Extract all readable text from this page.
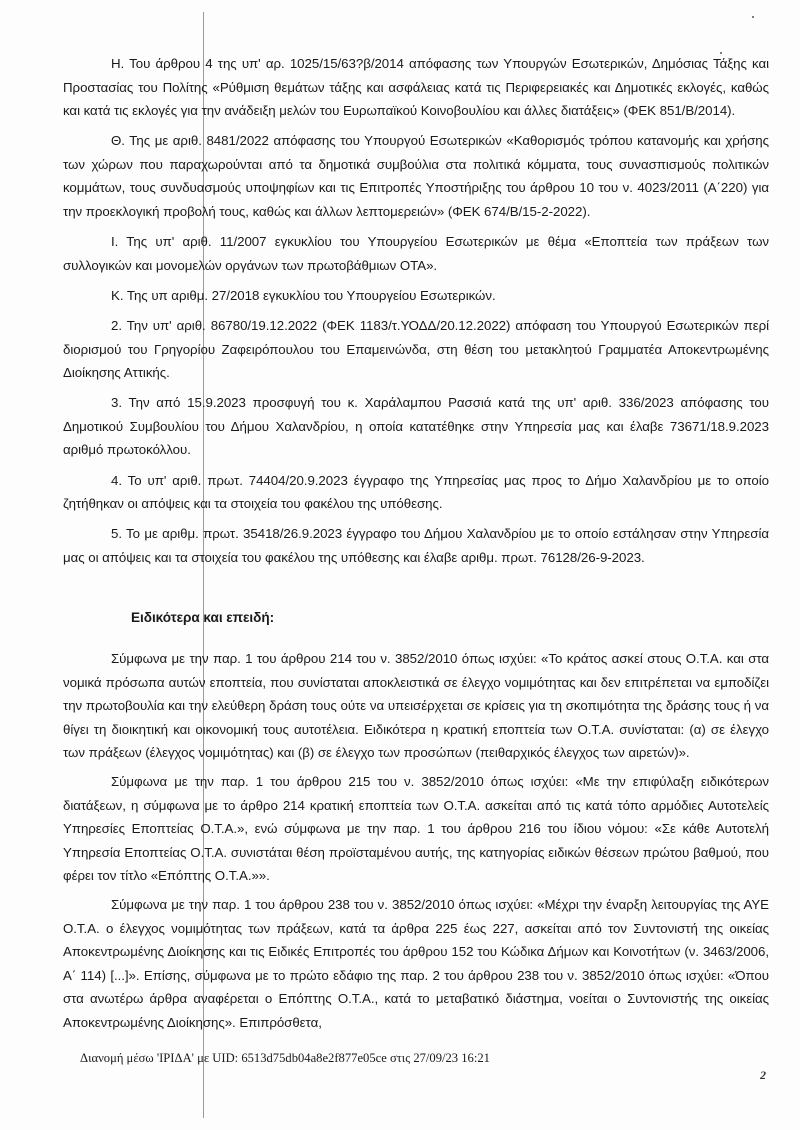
Η. Του άρθρου 4 της υπ' αρ. 1025/15/63?β/2014 απόφασης των Υπουργών Εσωτερικών, Δημόσιας Τάξης και Προστασίας του Πολίτης «Ρύθμιση θεμάτων τάξης και ασφάλειας κατά τις Περιφερειακές και Δημοτικές εκλογές, καθώς και κατά τις εκλογές για την ανάδειξη μελών του Ευρωπαϊκού Κοινοβουλίου και άλλες διατάξεις» (ΦΕΚ 851/Β/2014).

Θ. Της με αριθ. 8481/2022 απόφασης του Υπουργού Εσωτερικών «Καθορισμός τρόπου κατανομής και χρήσης των χώρων που παραχωρούνται από τα δημοτικά συμβούλια στα πολιτικά κόμματα, τους συνασπισμούς πολιτικών κομμάτων, τους συνδυασμούς υποψηφίων και τις Επιτροπές Υποστήριξης του άρθρου 10 του ν. 4023/2011 (Α΄220) για την προεκλογική προβολή τους, καθώς και άλλων λεπτομερειών» (ΦΕΚ 674/Β/15-2-2022).

Ι. Της υπ' αριθ. 11/2007 εγκυκλίου του Υπουργείου Εσωτερικών με θέμα «Εποπτεία των πράξεων των συλλογικών και μονομελών οργάνων των πρωτοβάθμιων ΟΤΑ».

Κ. Της υπ αριθμ. 27/2018 εγκυκλίου του Υπουργείου Εσωτερικών.

2. Την υπ' αριθ. 86780/19.12.2022 (ΦΕΚ 1183/τ.ΥΟΔΔ/20.12.2022) απόφαση του Υπουργού Εσωτερικών περί διορισμού του Γρηγορίου Ζαφειρόπουλου του Επαμεινώνδα, στη θέση του μετακλητού Γραμματέα Αποκεντρωμένης Διοίκησης Αττικής.

3. Την από 15.9.2023 προσφυγή του κ. Χαράλαμπου Ρασσιά κατά της υπ' αριθ. 336/2023 απόφασης του Δημοτικού Συμβουλίου του Δήμου Χαλανδρίου, η οποία κατατέθηκε στην Υπηρεσία μας και έλαβε 73671/18.9.2023 αριθμό πρωτοκόλλου.

4. Το υπ' αριθ. πρωτ. 74404/20.9.2023 έγγραφο της Υπηρεσίας μας προς το Δήμο Χαλανδρίου με το οποίο ζητήθηκαν οι απόψεις και τα στοιχεία του φακέλου της υπόθεσης.

5. Το με αριθμ. πρωτ. 35418/26.9.2023 έγγραφο του Δήμου Χαλανδρίου με το οποίο εστάλησαν στην Υπηρεσία μας οι απόψεις και τα στοιχεία του φακέλου της υπόθεσης και έλαβε αριθμ. πρωτ. 76128/26-9-2023.

Ειδικότερα και επειδή:

Σύμφωνα με την παρ. 1 του άρθρου 214 του ν. 3852/2010 όπως ισχύει: «Το κράτος ασκεί στους Ο.Τ.Α. και στα νομικά πρόσωπα αυτών εποπτεία, που συνίσταται αποκλειστικά σε έλεγχο νομιμότητας και δεν επιτρέπεται να εμποδίζει την πρωτοβουλία και την ελεύθερη δράση τους ούτε να υπεισέρχεται σε κρίσεις για τη σκοπιμότητα της δράσης τους ή να θίγει τη διοικητική και οικονομική τους αυτοτέλεια. Ειδικότερα η κρατική εποπτεία των Ο.Τ.Α. συνίσταται: (α) σε έλεγχο των πράξεων (έλεγχος νομιμότητας) και (β) σε έλεγχο των προσώπων (πειθαρχικός έλεγχος των αιρετών)».

Σύμφωνα με την παρ. 1 του άρθρου 215 του ν. 3852/2010 όπως ισχύει: «Με την επιφύλαξη ειδικότερων διατάξεων, η σύμφωνα με το άρθρο 214 κρατική εποπτεία των Ο.Τ.Α. ασκείται από τις κατά τόπο αρμόδιες Αυτοτελείς Υπηρεσίες Εποπτείας Ο.Τ.Α.», ενώ σύμφωνα με την παρ. 1 του άρθρου 216 του ίδιου νόμου: «Σε κάθε Αυτοτελή Υπηρεσία Εποπτείας Ο.Τ.Α. συνιστάται θέση προϊσταμένου αυτής, της κατηγορίας ειδικών θέσεων πρώτου βαθμού, που φέρει τον τίτλο «Επόπτης Ο.Τ.Α.»».

Σύμφωνα με την παρ. 1 του άρθρου 238 του ν. 3852/2010 όπως ισχύει: «Μέχρι την έναρξη λειτουργίας της ΑΥΕ Ο.Τ.Α. ο έλεγχος νομιμότητας των πράξεων, κατά τα άρθρα 225 έως 227, ασκείται από τον Συντονιστή της οικείας Αποκεντρωμένης Διοίκησης και τις Ειδικές Επιτροπές του άρθρου 152 του Κώδικα Δήμων και Κοινοτήτων (ν. 3463/2006, Α΄ 114) [...]». Επίσης, σύμφωνα με το πρώτο εδάφιο της παρ. 2 του άρθρου 238 του ν. 3852/2010 όπως ισχύει: «Όπου στα ανωτέρω άρθρα αναφέρεται ο Επόπτης Ο.Τ.Α., κατά το μεταβατικό διάστημα, νοείται ο Συντονιστής της οικείας Αποκεντρωμένης Διοίκησης». Επιπρόσθετα,

Διανομή μέσω 'ΙΡΙΔΑ' με UID: 6513d75db04a8e2f877e05ce στις 27/09/23 16:21
2
